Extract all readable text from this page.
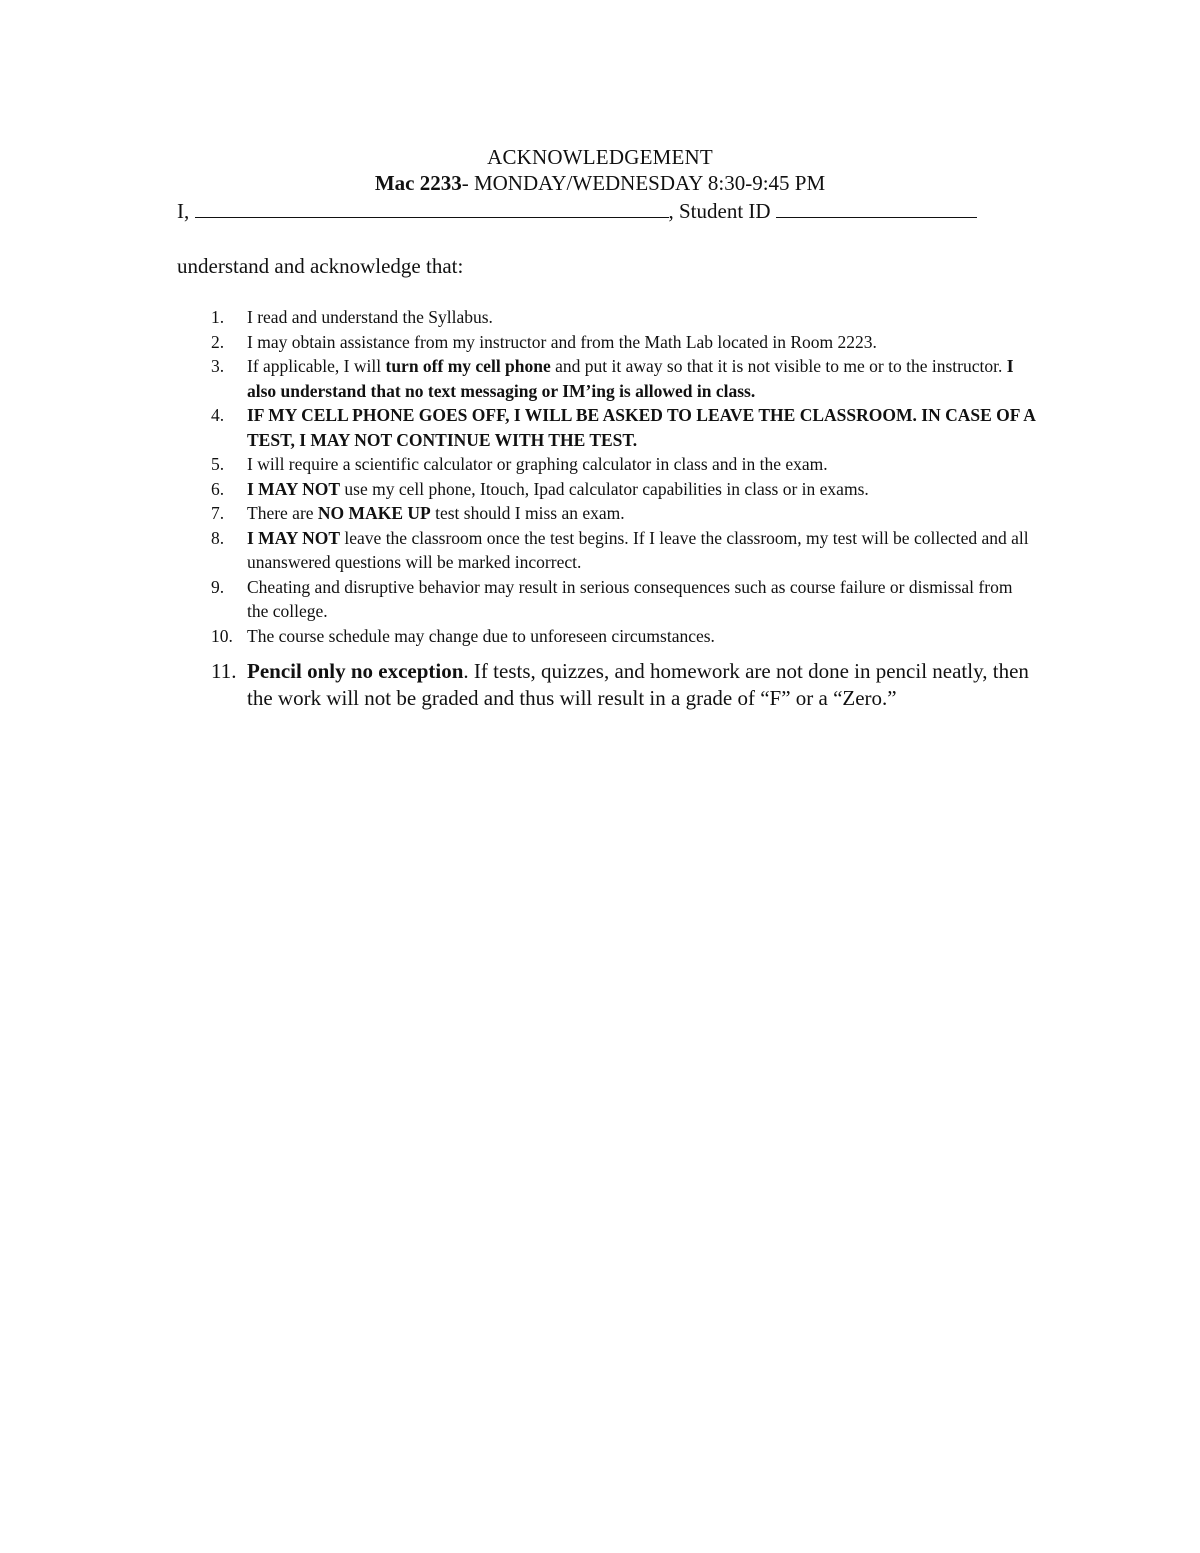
ACKNOWLEDGEMENT
Mac 2233- MONDAY/WEDNESDAY 8:30-9:45 PM
I,	, Student ID
understand and acknowledge that:
1. I read and understand the Syllabus.
2. I may obtain assistance from my instructor and from the Math Lab located in Room 2223.
3. If applicable, I will turn off my cell phone and put it away so that it is not visible to me or to the instructor. I also understand that no text messaging or IM’ing is allowed in class.
4. IF MY CELL PHONE GOES OFF, I WILL BE ASKED TO LEAVE THE CLASSROOM. IN CASE OF A TEST, I MAY NOT CONTINUE WITH THE TEST.
5. I will require a scientific calculator or graphing calculator in class and in the exam.
6. I MAY NOT use my cell phone, Itouch, Ipad calculator capabilities in class or in exams.
7. There are NO MAKE UP test should I miss an exam.
8. I MAY NOT leave the classroom once the test begins. If I leave the classroom, my test will be collected and all unanswered questions will be marked incorrect.
9. Cheating and disruptive behavior may result in serious consequences such as course failure or dismissal from the college.
10. The course schedule may change due to unforeseen circumstances.
11. Pencil only no exception. If tests, quizzes, and homework are not done in pencil neatly, then the work will not be graded and thus will result in a grade of “F” or a “Zero.”
